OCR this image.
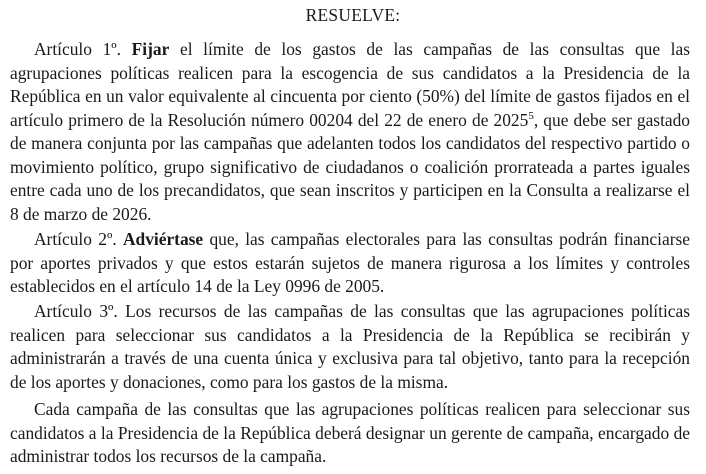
RESUELVE:

Artículo 1º. Fijar el límite de los gastos de las campañas de las consultas que las agrupaciones políticas realicen para la escogencia de sus candidatos a la Presidencia de la República en un valor equivalente al cincuenta por ciento (50%) del límite de gastos fijados en el artículo primero de la Resolución número 00204 del 22 de enero de 2025$^5$, que debe ser gastado de manera conjunta por las campañas que adelanten todos los candidatos del respectivo partido o movimiento político, grupo significativo de ciudadanos o coalición prorrateada a partes iguales entre cada uno de los precandidatos, que sean inscritos y participen en la Consulta a realizarse el 8 de marzo de 2026.

Artículo 2º. Adviértase que, las campañas electorales para las consultas podrán financiarse por aportes privados y que estos estarán sujetos de manera rigurosa a los límites y controles establecidos en el artículo 14 de la Ley 0996 de 2005.

Artículo 3º. Los recursos de las campañas de las consultas que las agrupaciones políticas realicen para seleccionar sus candidatos a la Presidencia de la República se recibirán y administrarán a través de una cuenta única y exclusiva para tal objetivo, tanto para la recepción de los aportes y donaciones, como para los gastos de la misma.

Cada campaña de las consultas que las agrupaciones políticas realicen para seleccionar sus candidatos a la Presidencia de la República deberá designar un gerente de campaña, encargado de administrar todos los recursos de la campaña.
